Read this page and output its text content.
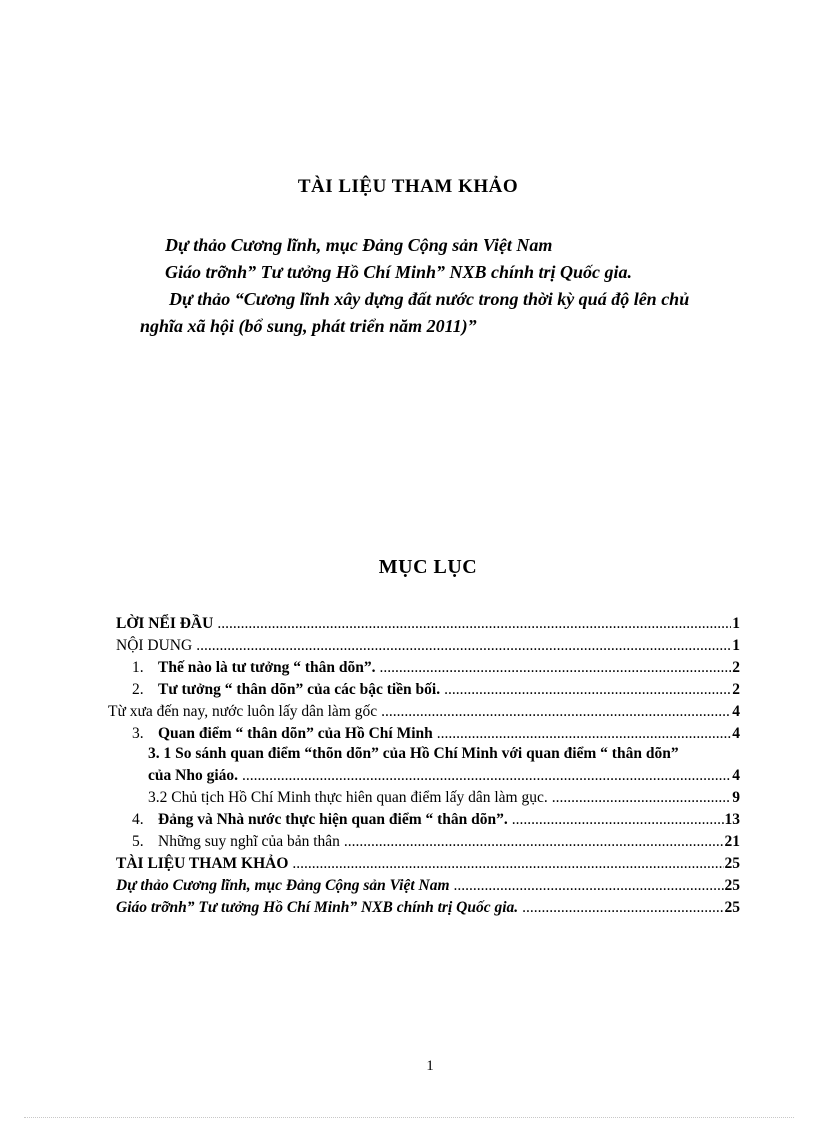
TÀI LIỆU THAM KHẢO
Dự thảo Cương lĩnh, mục Đảng Cộng sản Việt Nam
Giáo trỡnh” Tư tưởng Hồ Chí Minh” NXB chính trị Quốc gia.
Dự thảo “Cương lĩnh xây dựng đất nước trong thời kỳ quá độ lên chủ
nghĩa xã hội (bổ sung, phát triển năm 2011)”
MỤC LỤC
LỜI NỂI ĐẦU .....	1
NỘI DUNG .....	1
1. Thế nào là tư tưởng “ thân dõn”. .....	2
2. Tư tưởng “ thân dõn” của các bậc tiền bối. .....	2
Từ xưa đến nay, nước luôn lấy dân làm gốc .....	4
3. Quan điểm “ thân dõn” của Hồ Chí Minh .....	4
3. 1 So sánh quan điểm “thõn dõn” của Hồ Chí Minh với quan điểm “ thân dõn”
của Nho giáo. .....	4
3.2 Chủ tịch Hồ Chí Minh thực hiên quan điểm lấy dân làm gục. .....	9
4. Đảng và Nhà nước thực hiện quan điểm “ thân dõn”. .....	13
5. Những suy nghĩ của bản thân .....	21
TÀI LIỆU THAM KHẢO .....	25
Dự thảo Cương lĩnh, mục Đảng Cộng sản Việt Nam .....	25
Giáo trỡnh” Tư tưởng Hồ Chí Minh” NXB chính trị Quốc gia. .....	25
1
